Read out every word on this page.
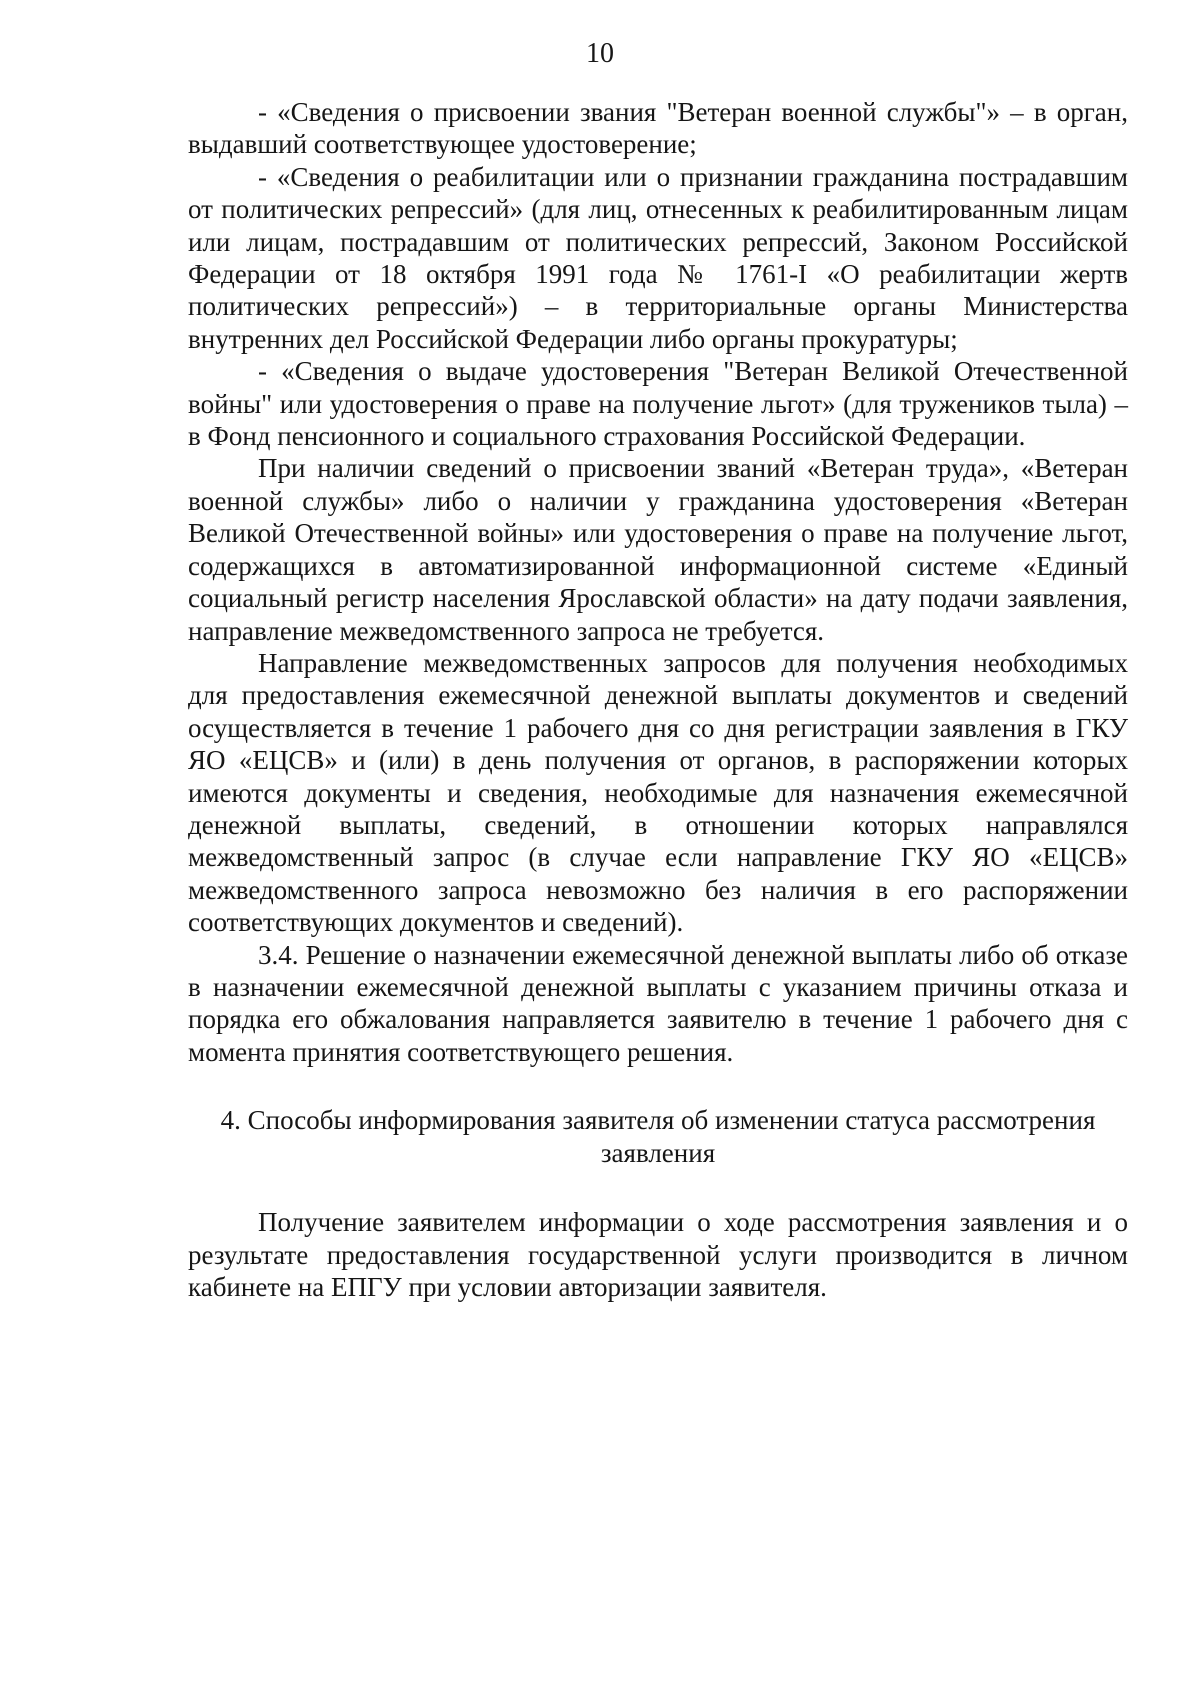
10

- «Сведения о присвоении звания "Ветеран военной службы"» – в орган, выдавший соответствующее удостоверение;

- «Сведения о реабилитации или о признании гражданина пострадавшим от политических репрессий» (для лиц, отнесенных к реабилитированным лицам или лицам, пострадавшим от политических репрессий, Законом Российской Федерации от 18 октября 1991 года № 1761-I «О реабилитации жертв политических репрессий») – в территориальные органы Министерства внутренних дел Российской Федерации либо органы прокуратуры;

- «Сведения о выдаче удостоверения "Ветеран Великой Отечественной войны" или удостоверения о праве на получение льгот» (для тружеников тыла) – в Фонд пенсионного и социального страхования Российской Федерации.

При наличии сведений о присвоении званий «Ветеран труда», «Ветеран военной службы» либо о наличии у гражданина удостоверения «Ветеран Великой Отечественной войны» или удостоверения о праве на получение льгот, содержащихся в автоматизированной информационной системе «Единый социальный регистр населения Ярославской области» на дату подачи заявления, направление межведомственного запроса не требуется.

Направление межведомственных запросов для получения необходимых для предоставления ежемесячной денежной выплаты документов и сведений осуществляется в течение 1 рабочего дня со дня регистрации заявления в ГКУ ЯО «ЕЦСВ» и (или) в день получения от органов, в распоряжении которых имеются документы и сведения, необходимые для назначения ежемесячной денежной выплаты, сведений, в отношении которых направлялся межведомственный запрос (в случае если направление ГКУ ЯО «ЕЦСВ» межведомственного запроса невозможно без наличия в его распоряжении соответствующих документов и сведений).

3.4. Решение о назначении ежемесячной денежной выплаты либо об отказе в назначении ежемесячной денежной выплаты с указанием причины отказа и порядка его обжалования направляется заявителю в течение 1 рабочего дня с момента принятия соответствующего решения.

4. Способы информирования заявителя об изменении статуса рассмотрения заявления

Получение заявителем информации о ходе рассмотрения заявления и о результате предоставления государственной услуги производится в личном кабинете на ЕПГУ при условии авторизации заявителя.
